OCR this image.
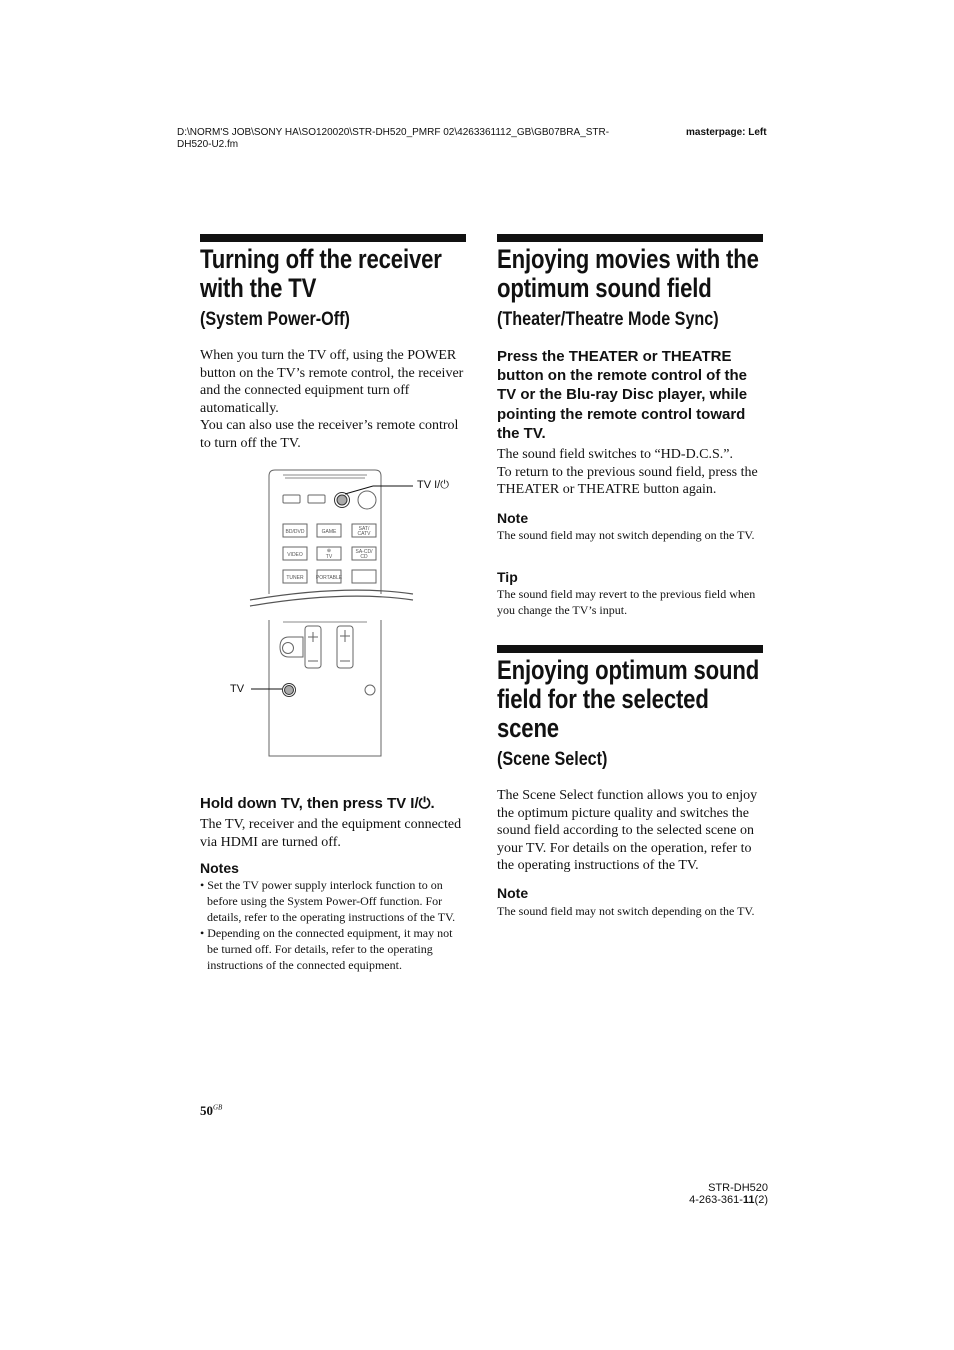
D:\NORM'S JOB\SONY HA\SO120020\STR-DH520_PMRF 02\4263361112_GB\GB07BRA_STR-
DH520-U2.fm
masterpage: Left
Turning off the receiver
with the TV
(System Power-Off)
When you turn the TV off, using the POWER button on the TV’s remote control, the receiver and the connected equipment turn off automatically.
You can also use the receiver’s remote control to turn off the TV.
BD/DVD	GAME	SAT/
CATV
VIDEO
⊕
TV
SA-CD/
CD
TUNER PORTABLE
TV I/⏻
TV
Hold down TV, then press TV I/⏻.
The TV, receiver and the equipment connected via HDMI are turned off.
Notes
• Set the TV power supply interlock function to on before using the System Power-Off function. For details, refer to the operating instructions of the TV.
• Depending on the connected equipment, it may not be turned off. For details, refer to the operating instructions of the connected equipment.
Enjoying movies with the
optimum sound field
(Theater/Theatre Mode Sync)
Press the THEATER or THEATRE button on the remote control of the TV or the Blu-ray Disc player, while pointing the remote control toward the TV.
The sound field switches to “HD-D.C.S.”.
To return to the previous sound field, press the THEATER or THEATRE button again.
Note
The sound field may not switch depending on the TV.
Tip
The sound field may revert to the previous field when you change the TV’s input.
Enjoying optimum sound
field for the selected
scene
(Scene Select)
The Scene Select function allows you to enjoy the optimum picture quality and switches the sound field according to the selected scene on your TV. For details on the operation, refer to the operating instructions of the TV.
Note
The sound field may not switch depending on the TV.
$50^{GB}$
STR-DH520
4-263-361-11(2)
